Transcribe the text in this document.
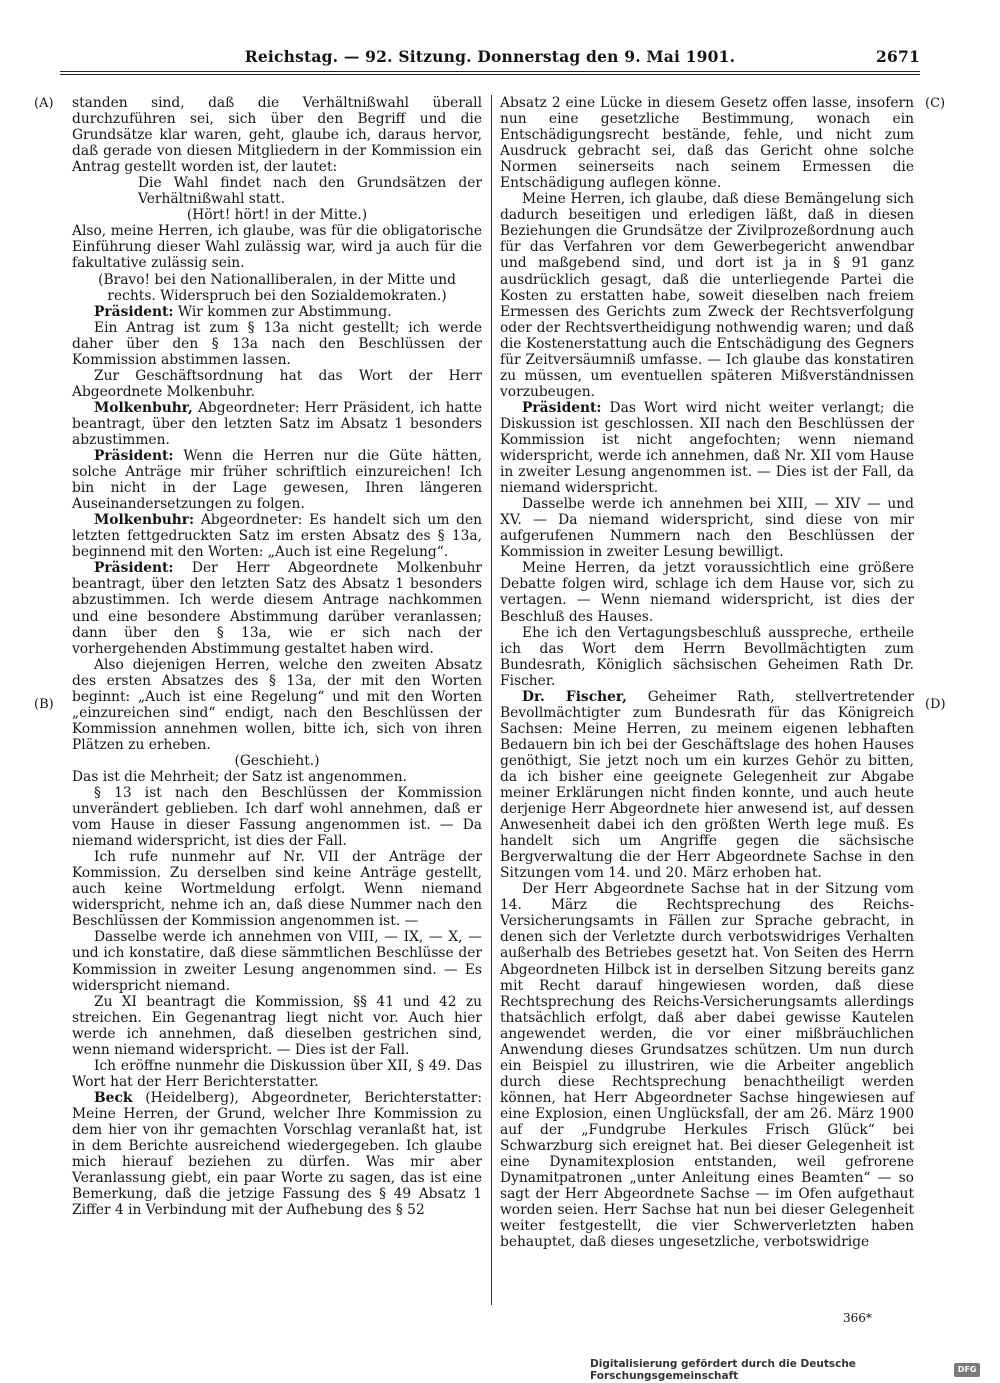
Reichstag. — 92. Sitzung. Donnerstag den 9. Mai 1901.	2671
(A)
(B)
(C)
(D)

standen sind, daß die Verhältnißwahl überall durchzuführen sei, sich über den Begriff und die Grundsätze klar waren, geht, glaube ich, daraus hervor, daß gerade von diesen Mitgliedern in der Kommission ein Antrag gestellt worden ist, der lautet:

Die Wahl findet nach den Grundsätzen der Verhältnißwahl statt.

(Hört! hört! in der Mitte.)

Also, meine Herren, ich glaube, was für die obligatorische Einführung dieser Wahl zulässig war, wird ja auch für die fakultative zulässig sein.

(Bravo! bei den Nationalliberalen, in der Mitte und rechts. Widerspruch bei den Sozialdemokraten.)

Präsident: Wir kommen zur Abstimmung.

Ein Antrag ist zum § 13a nicht gestellt; ich werde daher über den § 13a nach den Beschlüssen der Kommission abstimmen lassen.

Zur Geschäftsordnung hat das Wort der Herr Abgeordnete Molkenbuhr.

Molkenbuhr, Abgeordneter: Herr Präsident, ich hatte beantragt, über den letzten Satz im Absatz 1 besonders abzustimmen.

Präsident: Wenn die Herren nur die Güte hätten, solche Anträge mir früher schriftlich einzureichen! Ich bin nicht in der Lage gewesen, Ihren längeren Auseinandersetzungen zu folgen.

Molkenbuhr: Abgeordneter: Es handelt sich um den letzten fettgedruckten Satz im ersten Absatz des § 13a, beginnend mit den Worten: „Auch ist eine Regelung“.

Präsident: Der Herr Abgeordnete Molkenbuhr beantragt, über den letzten Satz des Absatz 1 besonders abzustimmen. Ich werde diesem Antrage nachkommen und eine besondere Abstimmung darüber veranlassen; dann über den § 13a, wie er sich nach der vorhergehenden Abstimmung gestaltet haben wird.

Also diejenigen Herren, welche den zweiten Absatz des ersten Absatzes des § 13a, der mit den Worten beginnt: „Auch ist eine Regelung“ und mit den Worten „einzureichen sind“ endigt, nach den Beschlüssen der Kommission annehmen wollen, bitte ich, sich von ihren Plätzen zu erheben.

(Geschieht.)

Das ist die Mehrheit; der Satz ist angenommen.

§ 13 ist nach den Beschlüssen der Kommission unverändert geblieben. Ich darf wohl annehmen, daß er vom Hause in dieser Fassung angenommen ist. — Da niemand widerspricht, ist dies der Fall.

Ich rufe nunmehr auf Nr. VII der Anträge der Kommission. Zu derselben sind keine Anträge gestellt, auch keine Wortmeldung erfolgt. Wenn niemand widerspricht, nehme ich an, daß diese Nummer nach den Beschlüssen der Kommission angenommen ist. —

Dasselbe werde ich annehmen von VIII, — IX, — X, — und ich konstatire, daß diese sämmtlichen Beschlüsse der Kommission in zweiter Lesung angenommen sind. — Es widerspricht niemand.

Zu XI beantragt die Kommission, §§ 41 und 42 zu streichen. Ein Gegenantrag liegt nicht vor. Auch hier werde ich annehmen, daß dieselben gestrichen sind, wenn niemand widerspricht. — Dies ist der Fall.

Ich eröffne nunmehr die Diskussion über XII, § 49. Das Wort hat der Herr Berichterstatter.

Beck (Heidelberg), Abgeordneter, Berichterstatter: Meine Herren, der Grund, welcher Ihre Kommission zu dem hier von ihr gemachten Vorschlag veranlaßt hat, ist in dem Berichte ausreichend wiedergegeben. Ich glaube mich hierauf beziehen zu dürfen. Was mir aber Veranlassung giebt, ein paar Worte zu sagen, das ist eine Bemerkung, daß die jetzige Fassung des § 49 Absatz 1 Ziffer 4 in Verbindung mit der Aufhebung des § 52

Absatz 2 eine Lücke in diesem Gesetz offen lasse, insofern nun eine gesetzliche Bestimmung, wonach ein Entschädigungsrecht bestände, fehle, und nicht zum Ausdruck gebracht sei, daß das Gericht ohne solche Normen seinerseits nach seinem Ermessen die Entschädigung auflegen könne.

Meine Herren, ich glaube, daß diese Bemängelung sich dadurch beseitigen und erledigen läßt, daß in diesen Beziehungen die Grundsätze der Zivilprozeßordnung auch für das Verfahren vor dem Gewerbegericht anwendbar und maßgebend sind, und dort ist ja in § 91 ganz ausdrücklich gesagt, daß die unterliegende Partei die Kosten zu erstatten habe, soweit dieselben nach freiem Ermessen des Gerichts zum Zweck der Rechtsverfolgung oder der Rechtsvertheidigung nothwendig waren; und daß die Kostenerstattung auch die Entschädigung des Gegners für Zeitversäumniß umfasse. — Ich glaube das konstatiren zu müssen, um eventuellen späteren Mißverständnissen vorzubeugen.

Präsident: Das Wort wird nicht weiter verlangt; die Diskussion ist geschlossen. XII nach den Beschlüssen der Kommission ist nicht angefochten; wenn niemand widerspricht, werde ich annehmen, daß Nr. XII vom Hause in zweiter Lesung angenommen ist. — Dies ist der Fall, da niemand widerspricht.

Dasselbe werde ich annehmen bei XIII, — XIV — und XV. — Da niemand widerspricht, sind diese von mir aufgerufenen Nummern nach den Beschlüssen der Kommission in zweiter Lesung bewilligt.

Meine Herren, da jetzt voraussichtlich eine größere Debatte folgen wird, schlage ich dem Hause vor, sich zu vertagen. — Wenn niemand widerspricht, ist dies der Beschluß des Hauses.

Ehe ich den Vertagungsbeschluß ausspreche, ertheile ich das Wort dem Herrn Bevollmächtigten zum Bundesrath, Königlich sächsischen Geheimen Rath Dr. Fischer.

Dr. Fischer, Geheimer Rath, stellvertretender Bevollmächtigter zum Bundesrath für das Königreich Sachsen: Meine Herren, zu meinem eigenen lebhaften Bedauern bin ich bei der Geschäftslage des hohen Hauses genöthigt, Sie jetzt noch um ein kurzes Gehör zu bitten, da ich bisher eine geeignete Gelegenheit zur Abgabe meiner Erklärungen nicht finden konnte, und auch heute derjenige Herr Abgeordnete hier anwesend ist, auf dessen Anwesenheit dabei ich den größten Werth lege muß. Es handelt sich um Angriffe gegen die sächsische Bergverwaltung die der Herr Abgeordnete Sachse in den Sitzungen vom 14. und 20. März erhoben hat.

Der Herr Abgeordnete Sachse hat in der Sitzung vom 14. März die Rechtsprechung des Reichs-Versicherungsamts in Fällen zur Sprache gebracht, in denen sich der Verletzte durch verbotswidriges Verhalten außerhalb des Betriebes gesetzt hat. Von Seiten des Herrn Abgeordneten Hilbck ist in derselben Sitzung bereits ganz mit Recht darauf hingewiesen worden, daß diese Rechtsprechung des Reichs-Versicherungsamts allerdings thatsächlich erfolgt, daß aber dabei gewisse Kautelen angewendet werden, die vor einer mißbräuchlichen Anwendung dieses Grundsatzes schützen. Um nun durch ein Beispiel zu illustriren, wie die Arbeiter angeblich durch diese Rechtsprechung benachtheiligt werden können, hat Herr Abgeordneter Sachse hingewiesen auf eine Explosion, einen Unglücksfall, der am 26. März 1900 auf der „Fundgrube Herkules Frisch Glück“ bei Schwarzburg sich ereignet hat. Bei dieser Gelegenheit ist eine Dynamitexplosion entstanden, weil gefrorene Dynamitpatronen „unter Anleitung eines Beamten“ — so sagt der Herr Abgeordnete Sachse — im Ofen aufgethaut worden seien. Herr Sachse hat nun bei dieser Gelegenheit weiter festgestellt, die vier Schwerverletzten haben behauptet, daß dieses ungesetzliche, verbotswidrige

366*
Digitalisierung gefördert durch die Deutsche Forschungsgemeinschaft
DFG
